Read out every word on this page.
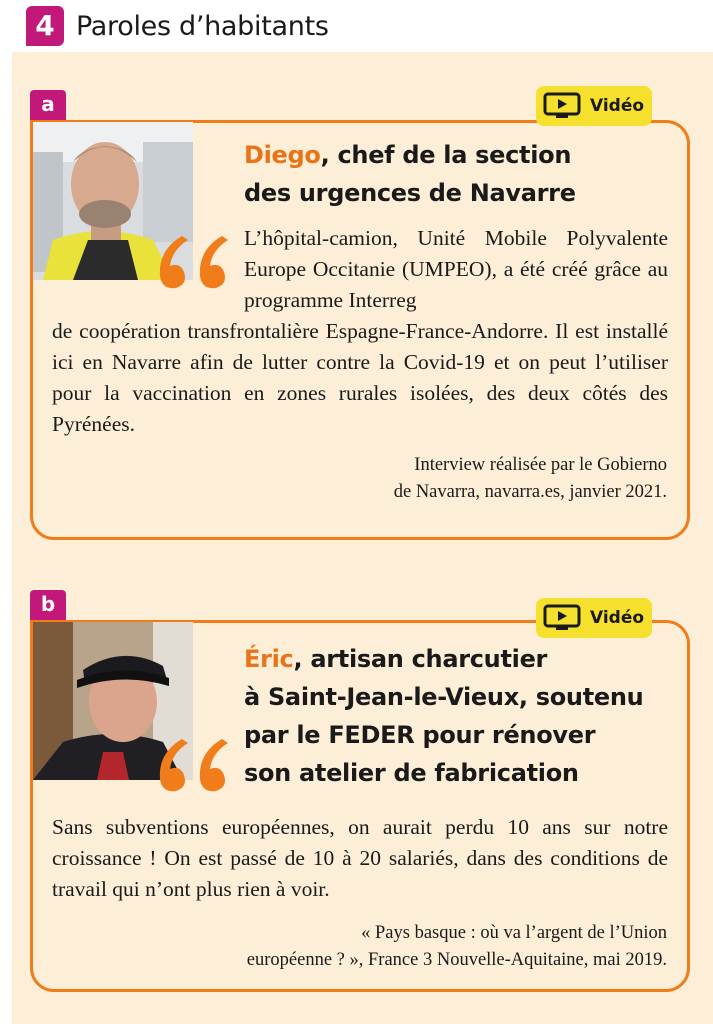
4 Paroles d’habitants
a	Vidéo
Diego, chef de la section
des urgences de Navarre
L’hôpital-camion, Unité Mobile Polyvalente Europe Occitanie (UMPEO), a été créé grâce au programme Interreg
de coopération transfrontalière Espagne-France-Andorre. Il est installé ici en Navarre afin de lutter contre la Covid-19 et on peut l’utiliser pour la vaccination en zones rurales isolées, des deux côtés des Pyrénées.
Interview réalisée par le Gobierno
de Navarra, navarra.es, janvier 2021.
b
Vidéo
Éric, artisan charcutier
à Saint-Jean-le-Vieux, soutenu
par le FEDER pour rénover
son atelier de fabrication
Sans subventions européennes, on aurait perdu 10 ans sur notre croissance ! On est passé de 10 à 20 salariés, dans des conditions de travail qui n’ont plus rien à voir.
« Pays basque : où va l’argent de l’Union
européenne ? », France 3 Nouvelle-Aquitaine, mai 2019.
